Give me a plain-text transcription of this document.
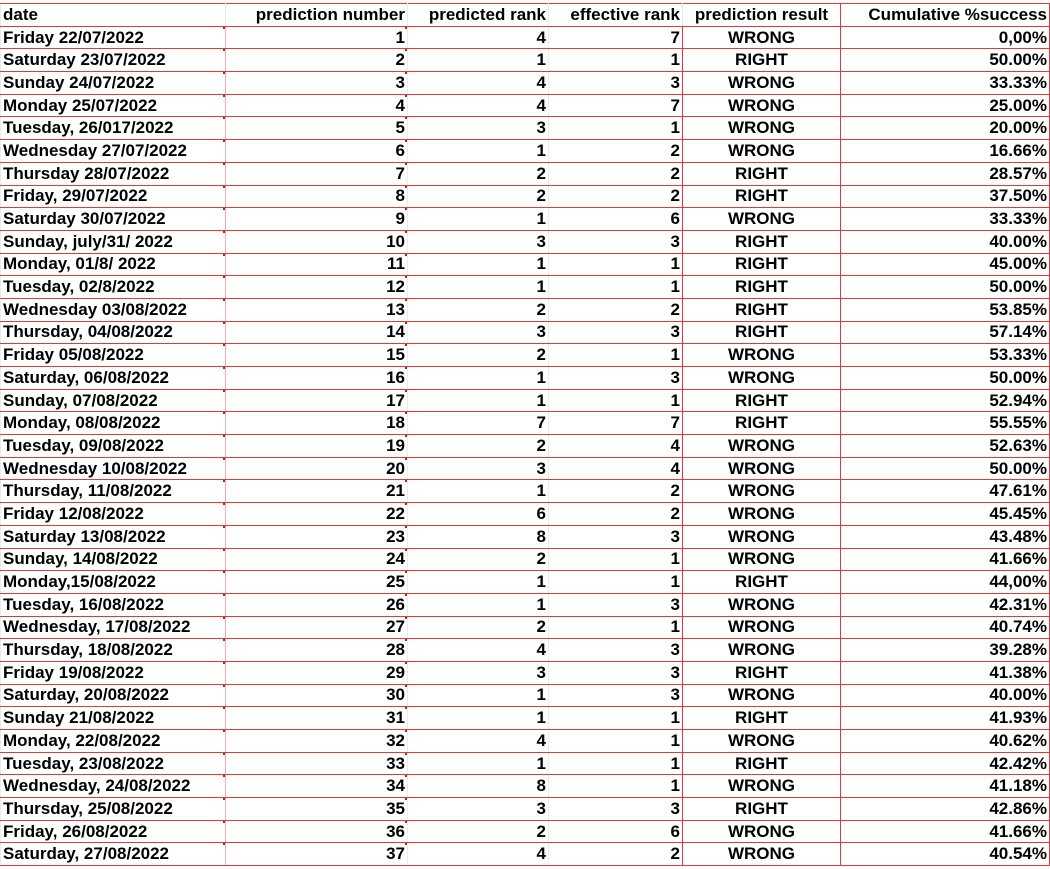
date	prediction number	predicted rank	effective rank	prediction result	Cumulative %success
Friday 22/07/2022	1	4	7	WRONG	0,00%
Saturday 23/07/2022	2	1	1	RIGHT	50.00%
Sunday 24/07/2022	3	4	3	WRONG	33.33%
Monday 25/07/2022	4	4	7	WRONG	25.00%
Tuesday, 26/017/2022	5	3	1	WRONG	20.00%
Wednesday 27/07/2022	6	1	2	WRONG	16.66%
Thursday 28/07/2022	7	2	2	RIGHT	28.57%
Friday, 29/07/2022	8	2	2	RIGHT	37.50%
Saturday 30/07/2022	9	1	6	WRONG	33.33%
Sunday, july/31/ 2022	10	3	3	RIGHT	40.00%
Monday, 01/8/ 2022	11	1	1	RIGHT	45.00%
Tuesday, 02/8/2022	12	1	1	RIGHT	50.00%
Wednesday 03/08/2022	13	2	2	RIGHT	53.85%
Thursday, 04/08/2022	14	3	3	RIGHT	57.14%
Friday 05/08/2022	15	2	1	WRONG	53.33%
Saturday, 06/08/2022	16	1	3	WRONG	50.00%
Sunday, 07/08/2022	17	1	1	RIGHT	52.94%
Monday, 08/08/2022	18	7	7	RIGHT	55.55%
Tuesday, 09/08/2022	19	2	4	WRONG	52.63%
Wednesday 10/08/2022	20	3	4	WRONG	50.00%
Thursday, 11/08/2022	21	1	2	WRONG	47.61%
Friday 12/08/2022	22	6	2	WRONG	45.45%
Saturday 13/08/2022	23	8	3	WRONG	43.48%
Sunday, 14/08/2022	24	2	1	WRONG	41.66%
Monday,15/08/2022	25	1	1	RIGHT	44,00%
Tuesday, 16/08/2022	26	1	3	WRONG	42.31%
Wednesday, 17/08/2022	27	2	1	WRONG	40.74%
Thursday, 18/08/2022	28	4	3	WRONG	39.28%
Friday 19/08/2022	29	3	3	RIGHT	41.38%
Saturday, 20/08/2022	30	1	3	WRONG	40.00%
Sunday 21/08/2022	31	1	1	RIGHT	41.93%
Monday, 22/08/2022	32	4	1	WRONG	40.62%
Tuesday, 23/08/2022	33	1	1	RIGHT	42.42%
Wednesday, 24/08/2022	34	8	1	WRONG	41.18%
Thursday, 25/08/2022	35	3	3	RIGHT	42.86%
Friday, 26/08/2022	36	2	6	WRONG	41.66%
Saturday, 27/08/2022	37	4	2	WRONG	40.54%
